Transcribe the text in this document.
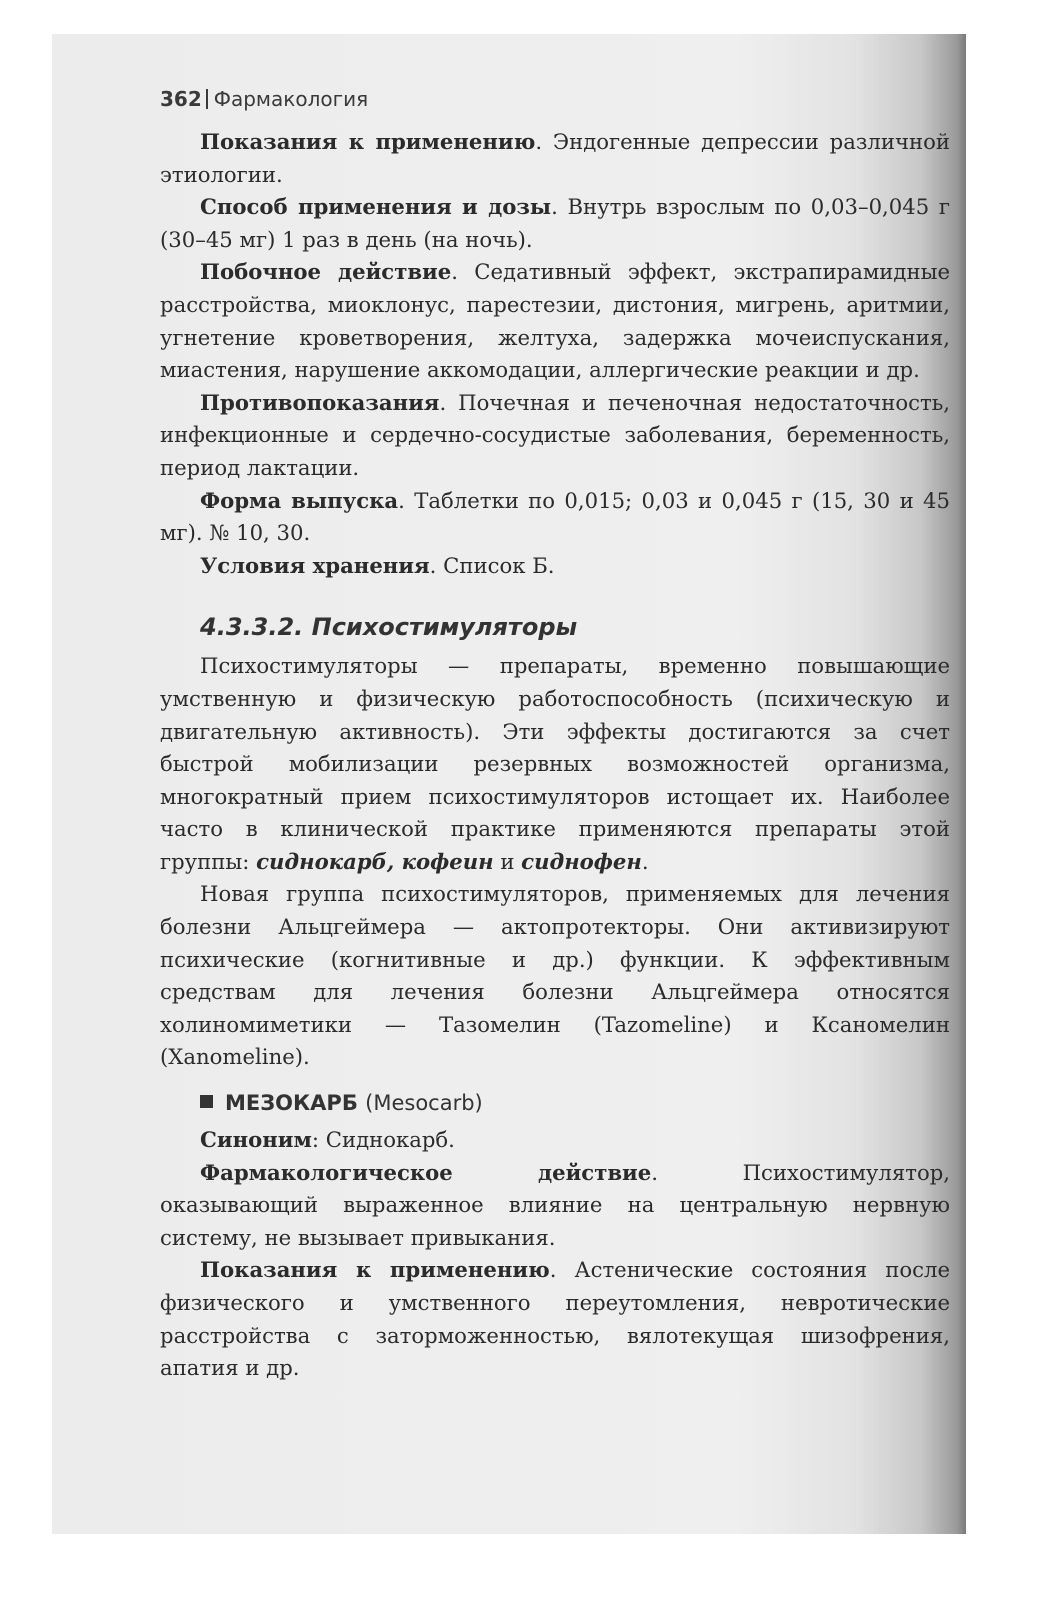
362 Фармакология

Показания к применению. Эндогенные депрессии различной этиологии.

Способ применения и дозы. Внутрь взрослым по 0,03–0,045 г (30–45 мг) 1 раз в день (на ночь).

Побочное действие. Седативный эффект, экстрапирамидные расстройства, миоклонус, парестезии, дистония, мигрень, аритмии, угнетение кроветворения, желтуха, задержка мочеиспускания, миастения, нарушение аккомодации, аллергические реакции и др.

Противопоказания. Почечная и печеночная недостаточность, инфекционные и сердечно-сосудистые заболевания, беременность, период лактации.

Форма выпуска. Таблетки по 0,015; 0,03 и 0,045 г (15, 30 и 45 мг). № 10, 30.

Условия хранения. Список Б.

4.3.3.2. Психостимуляторы

Психостимуляторы — препараты, временно повышающие умственную и физическую работоспособность (психическую и двигательную активность). Эти эффекты достигаются за счет быстрой мобилизации резервных возможностей организма, многократный прием психостимуляторов истощает их. Наиболее часто в клинической практике применяются препараты этой группы: сиднокарб, кофеин и сиднофен.

Новая группа психостимуляторов, применяемых для лечения болезни Альцгеймера — актопротекторы. Они активизируют психические (когнитивные и др.) функции. К эффективным средствам для лечения болезни Альцгеймера относятся холиномиметики — Тазомелин (Tazomeline) и Ксаномелин (Xanomeline).

МЕЗОКАРБ (Mesocarb)

Синоним: Сиднокарб.

Фармакологическое действие. Психостимулятор, оказывающий выраженное влияние на центральную нервную систему, не вызывает привыкания.

Показания к применению. Астенические состояния после физического и умственного переутомления, невротические расстройства с заторможенностью, вялотекущая шизофрения, апатия и др.
